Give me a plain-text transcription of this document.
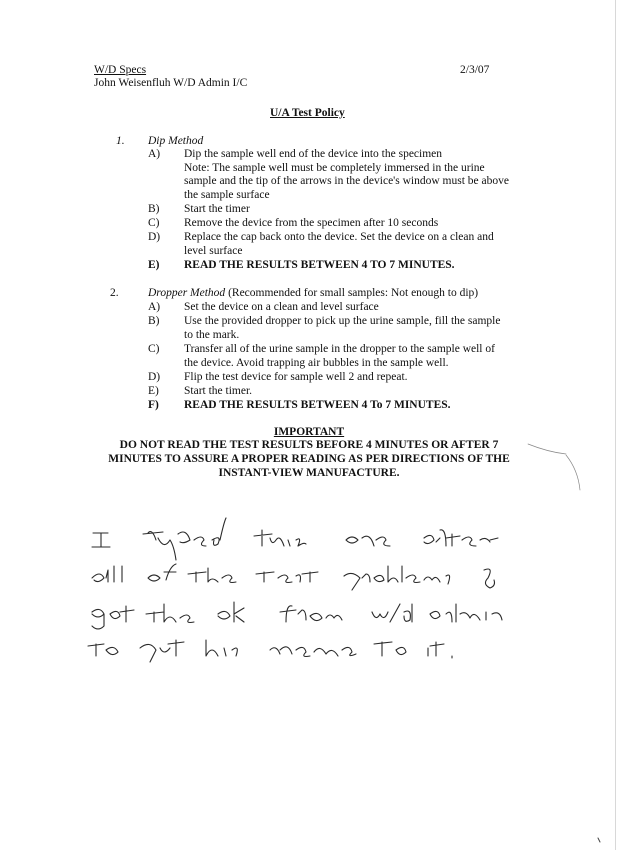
W/D Specs
John Weisenfluh W/D Admin I/C
2/3/07
U/A Test Policy
1. Dip Method
A) Dip the sample well end of the device into the specimen
Note: The sample well must be completely immersed in the urine
sample and the tip of the arrows in the device's window must be above
the sample surface
B) Start the timer
C) Remove the device from the specimen after 10 seconds
D) Replace the cap back onto the device. Set the device on a clean and
level surface
E) READ THE RESULTS BETWEEN 4 TO 7 MINUTES.
2.	Dropper Method (Recommended for small samples: Not enough to dip)
A) Set the device on a clean and level surface
B) Use the provided dropper to pick up the urine sample, fill the sample
to the mark.
C) Transfer all of the urine sample in the dropper to the sample well of
the device. Avoid trapping air bubbles in the sample well.
D) Flip the test device for sample well 2 and repeat.
E) Start the timer.
F) READ THE RESULTS BETWEEN 4 To 7 MINUTES.
IMPORTANT
DO NOT READ THE TEST RESULTS BEFORE 4 MINUTES OR AFTER 7
MINUTES TO ASSURE A PROPER READING AS PER DIRECTIONS OF THE
INSTANT-VIEW MANUFACTURE.
